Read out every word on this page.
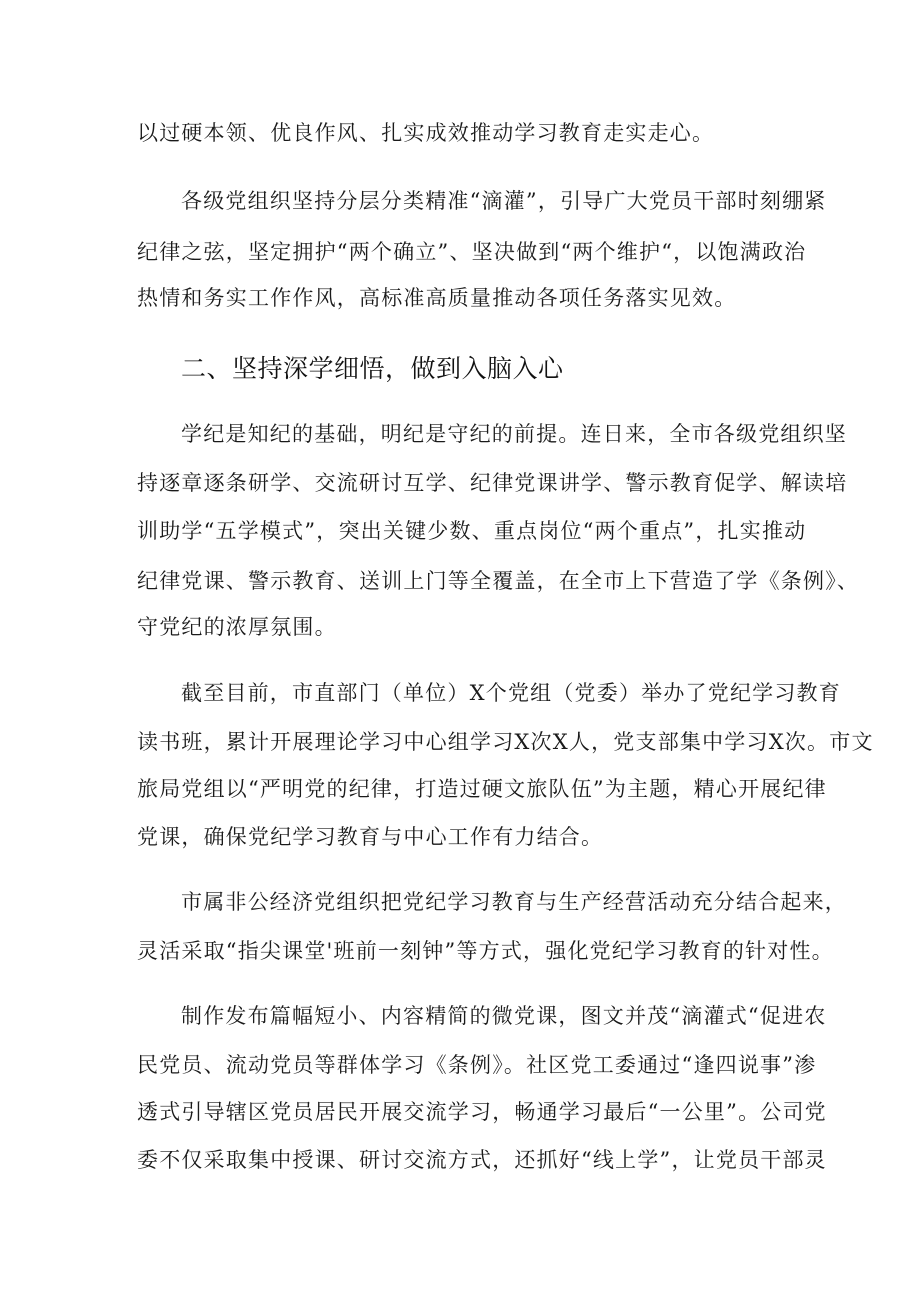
以过硬本领、优良作风、扎实成效推动学习教育走实走心。
各级党组织坚持分层分类精准“滴灌”，引导广大党员干部时刻绷紧
纪律之弦，坚定拥护“两个确立”、坚决做到“两个维护“，以饱满政治
热情和务实工作作风，高标准高质量推动各项任务落实见效。
二、坚持深学细悟，做到入脑入心
学纪是知纪的基础，明纪是守纪的前提。连日来，全市各级党组织坚
持逐章逐条研学、交流研讨互学、纪律党课讲学、警示教育促学、解读培
训助学“五学模式”，突出关键少数、重点岗位“两个重点”，扎实推动
纪律党课、警示教育、送训上门等全覆盖，在全市上下营造了学《条例》、
守党纪的浓厚氛围。
截至目前，市直部门（单位）X个党组（党委）举办了党纪学习教育
读书班，累计开展理论学习中心组学习X次X人，党支部集中学习X次。市文
旅局党组以“严明党的纪律，打造过硬文旅队伍”为主题，精心开展纪律
党课，确保党纪学习教育与中心工作有力结合。
市属非公经济党组织把党纪学习教育与生产经营活动充分结合起来，
灵活采取“指尖课堂'班前一刻钟”等方式，强化党纪学习教育的针对性。
制作发布篇幅短小、内容精简的微党课，图文并茂“滴灌式“促进农
民党员、流动党员等群体学习《条例》。社区党工委通过“逢四说事”渗
透式引导辖区党员居民开展交流学习，畅通学习最后“一公里”。公司党
委不仅采取集中授课、研讨交流方式，还抓好“线上学”，让党员干部灵
